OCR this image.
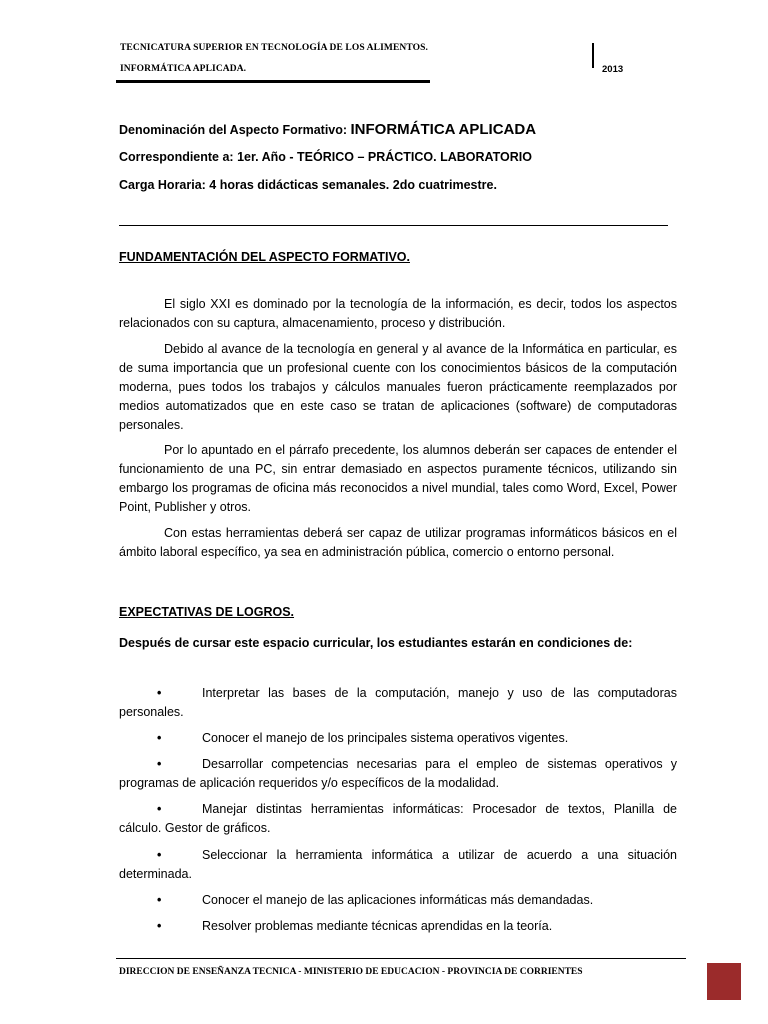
TECNICATURA SUPERIOR EN TECNOLOGÍA DE LOS ALIMENTOS.
INFORMÁTICA APLICADA.	2013
Denominación del Aspecto Formativo: INFORMÁTICA APLICADA
Correspondiente a: 1er. Año - TEÓRICO – PRÁCTICO. LABORATORIO
Carga Horaria: 4 horas didácticas semanales. 2do cuatrimestre.
FUNDAMENTACIÓN DEL ASPECTO FORMATIVO.
El siglo XXI es dominado por la tecnología de la información, es decir, todos los aspectos relacionados con su captura, almacenamiento, proceso y distribución.
Debido al avance de la tecnología en general y al avance de la Informática en particular, es de suma importancia que un profesional cuente con los conocimientos básicos de la computación moderna, pues todos los trabajos y cálculos manuales fueron prácticamente reemplazados por medios automatizados que en este caso se tratan de aplicaciones (software) de computadoras personales.
Por lo apuntado en el párrafo precedente, los alumnos deberán ser capaces de entender el funcionamiento de una PC, sin entrar demasiado en aspectos puramente técnicos, utilizando sin embargo los programas de oficina más reconocidos a nivel mundial, tales como Word, Excel, Power Point, Publisher y otros.
Con estas herramientas deberá ser capaz de utilizar programas informáticos básicos en el ámbito laboral específico, ya sea en administración pública, comercio o entorno personal.
EXPECTATIVAS DE LOGROS.
Después de cursar este espacio curricular, los estudiantes estarán en condiciones de:
•	Interpretar las bases de la computación, manejo y uso de las computadoras personales.
•	Conocer el manejo de los principales sistema operativos vigentes.
•	Desarrollar competencias necesarias para el empleo de sistemas operativos y programas de aplicación requeridos y/o específicos de la modalidad.
•	Manejar distintas herramientas informáticas: Procesador de textos, Planilla de cálculo. Gestor de gráficos.
•	Seleccionar la herramienta informática a utilizar de acuerdo a una situación determinada.
•	Conocer el manejo de las aplicaciones informáticas más demandadas.
•	Resolver problemas mediante técnicas aprendidas en la teoría.
DIRECCION DE ENSEÑANZA TECNICA - MINISTERIO DE EDUCACION - PROVINCIA DE CORRIENTES
